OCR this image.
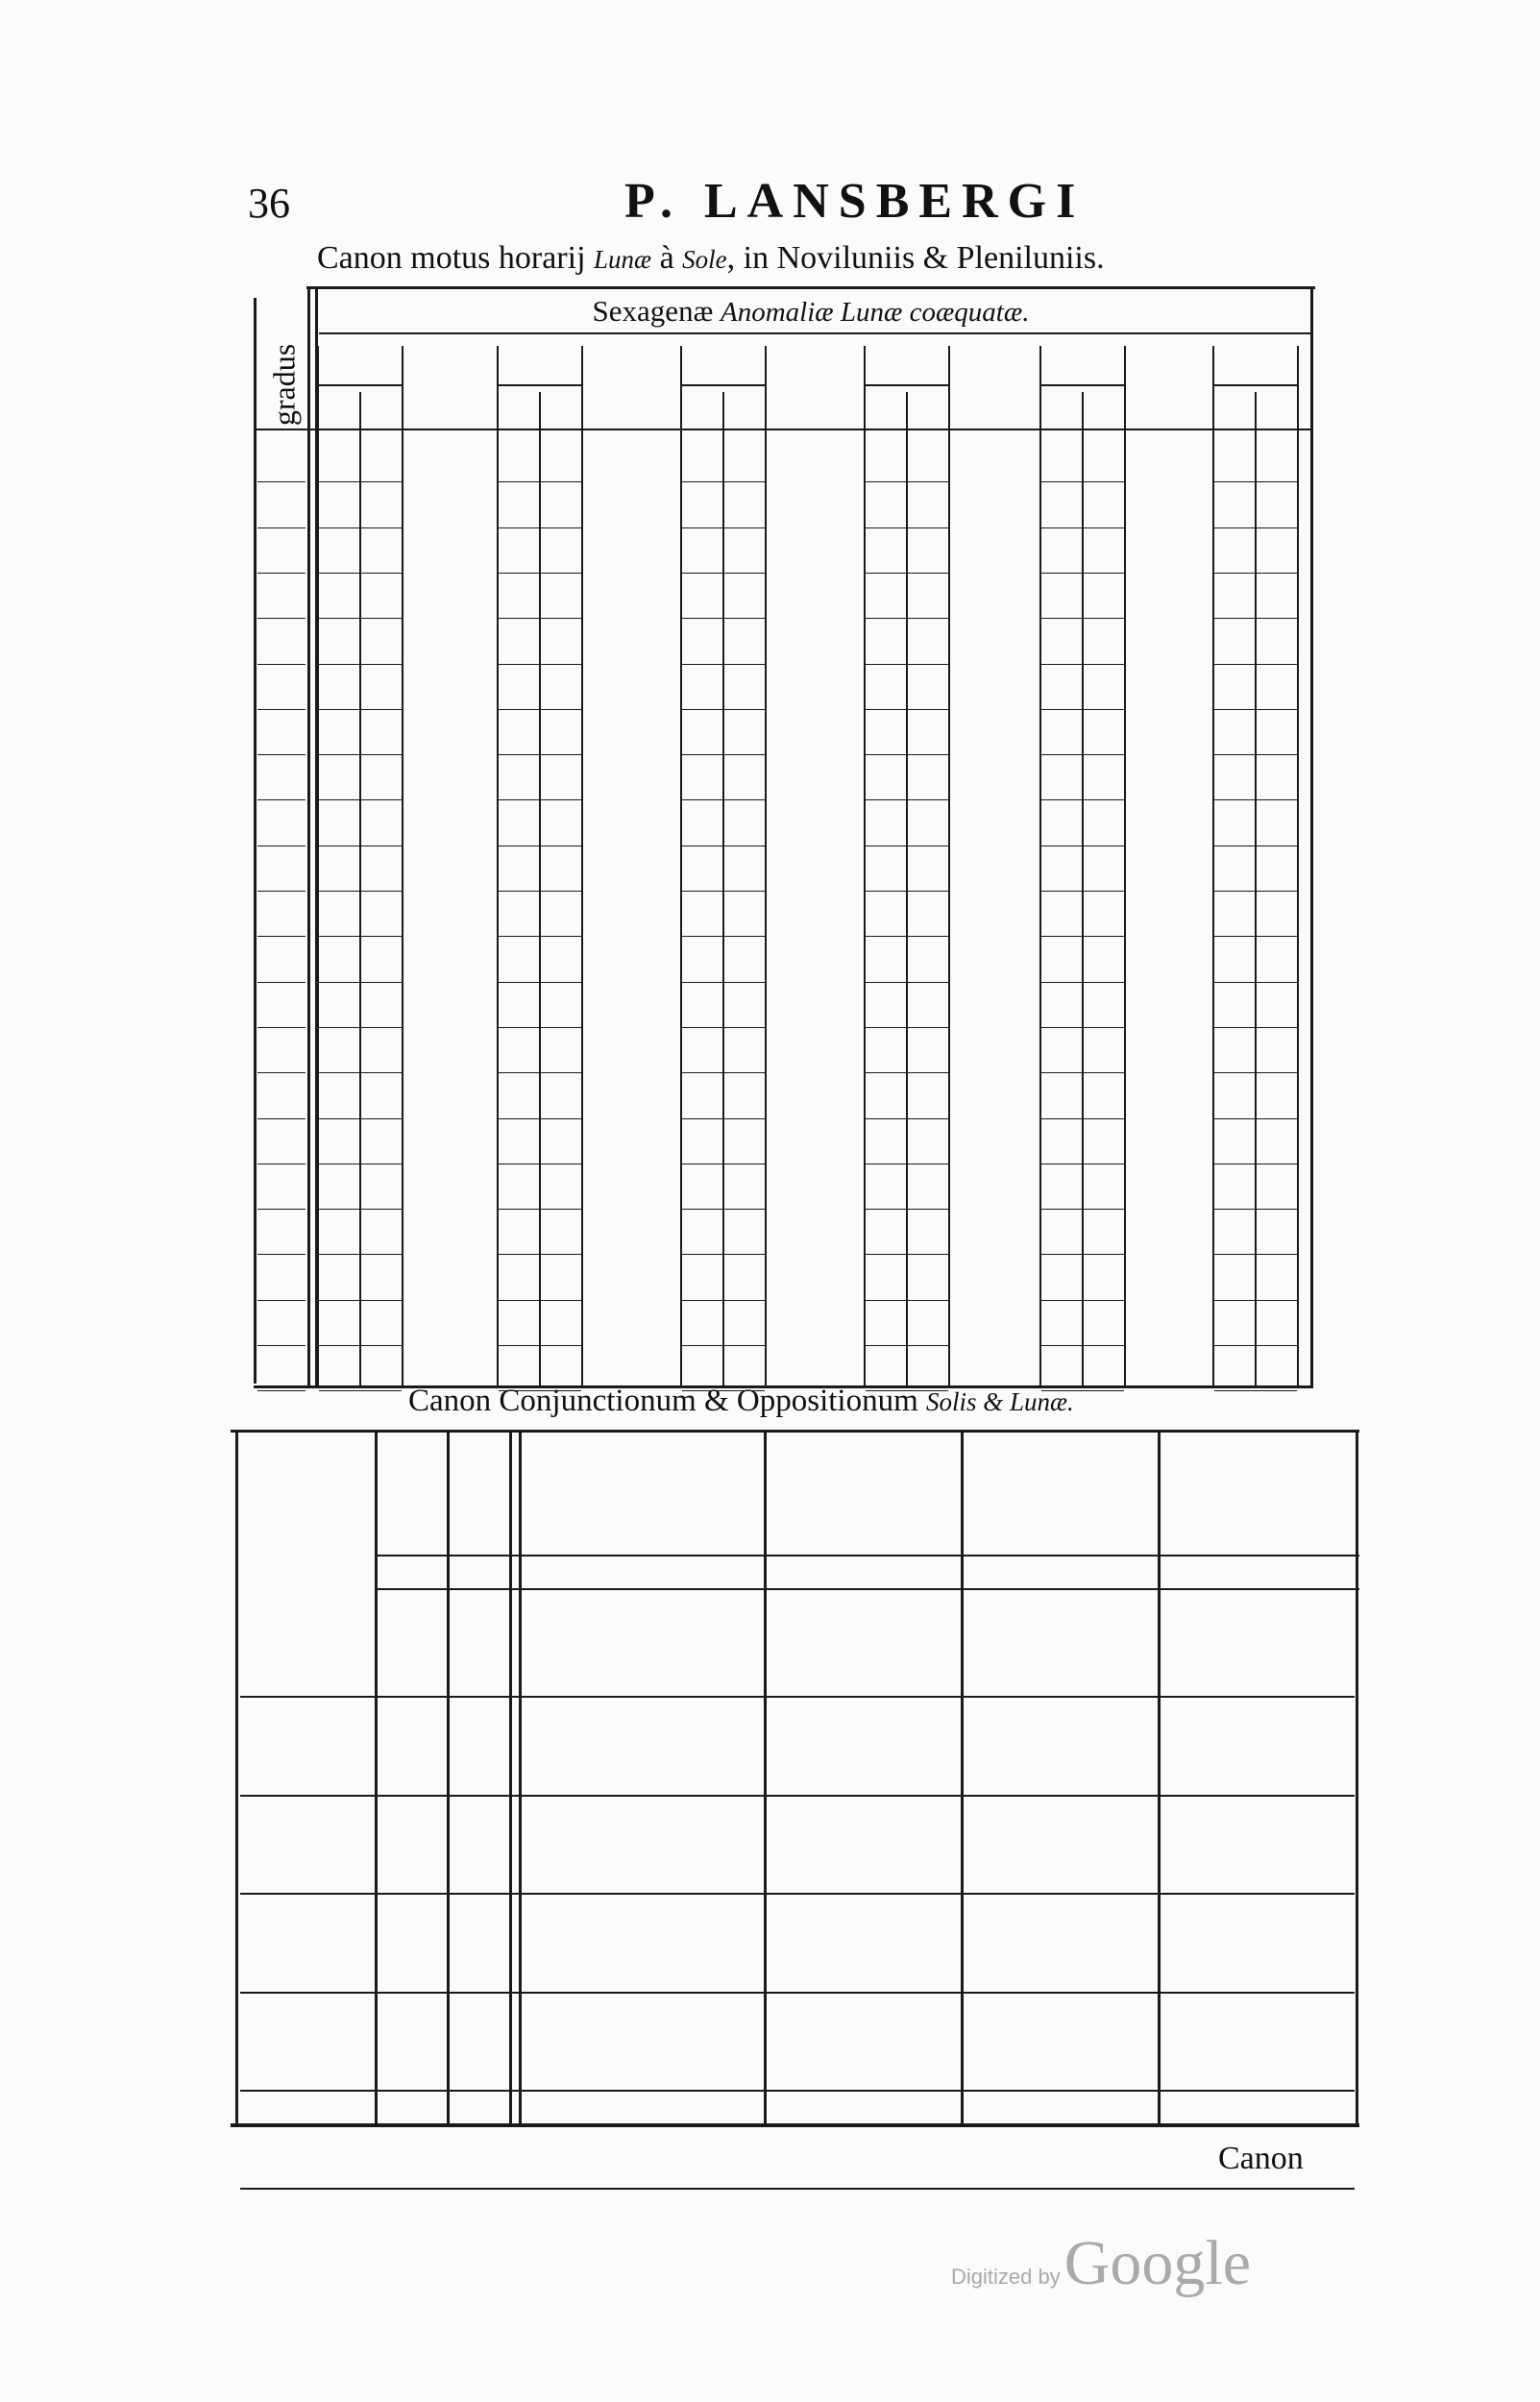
36	P. LANSBERGI
Canon motus horarij Lunæ à Sole, in Noviluniis & Pleniluniis.
Sexagenæ Anomaliæ Lunæ coæquatæ.
gradus
Canon Conjunctionum & Oppositionum Solis & Lunæ.
Canon
Digitized by Google
